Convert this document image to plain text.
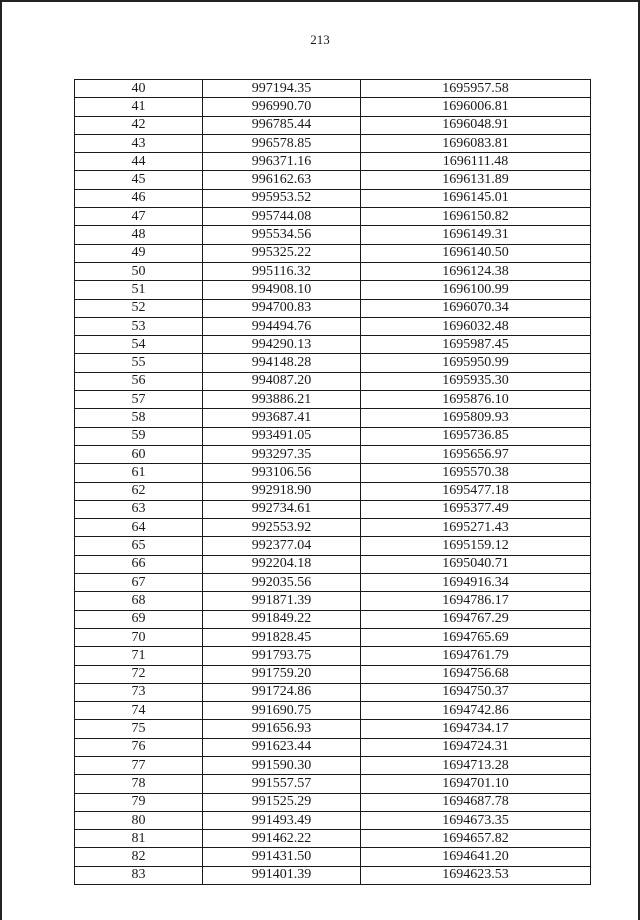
213
40	997194.35	1695957.58
41	996990.70	1696006.81
42	996785.44	1696048.91
43	996578.85	1696083.81
44	996371.16	1696111.48
45	996162.63	1696131.89
46	995953.52	1696145.01
47	995744.08	1696150.82
48	995534.56	1696149.31
49	995325.22	1696140.50
50	995116.32	1696124.38
51	994908.10	1696100.99
52	994700.83	1696070.34
53	994494.76	1696032.48
54	994290.13	1695987.45
55	994148.28	1695950.99
56	994087.20	1695935.30
57	993886.21	1695876.10
58	993687.41	1695809.93
59	993491.05	1695736.85
60	993297.35	1695656.97
61	993106.56	1695570.38
62	992918.90	1695477.18
63	992734.61	1695377.49
64	992553.92	1695271.43
65	992377.04	1695159.12
66	992204.18	1695040.71
67	992035.56	1694916.34
68	991871.39	1694786.17
69	991849.22	1694767.29
70	991828.45	1694765.69
71	991793.75	1694761.79
72	991759.20	1694756.68
73	991724.86	1694750.37
74	991690.75	1694742.86
75	991656.93	1694734.17
76	991623.44	1694724.31
77	991590.30	1694713.28
78	991557.57	1694701.10
79	991525.29	1694687.78
80	991493.49	1694673.35
81	991462.22	1694657.82
82	991431.50	1694641.20
83	991401.39	1694623.53
